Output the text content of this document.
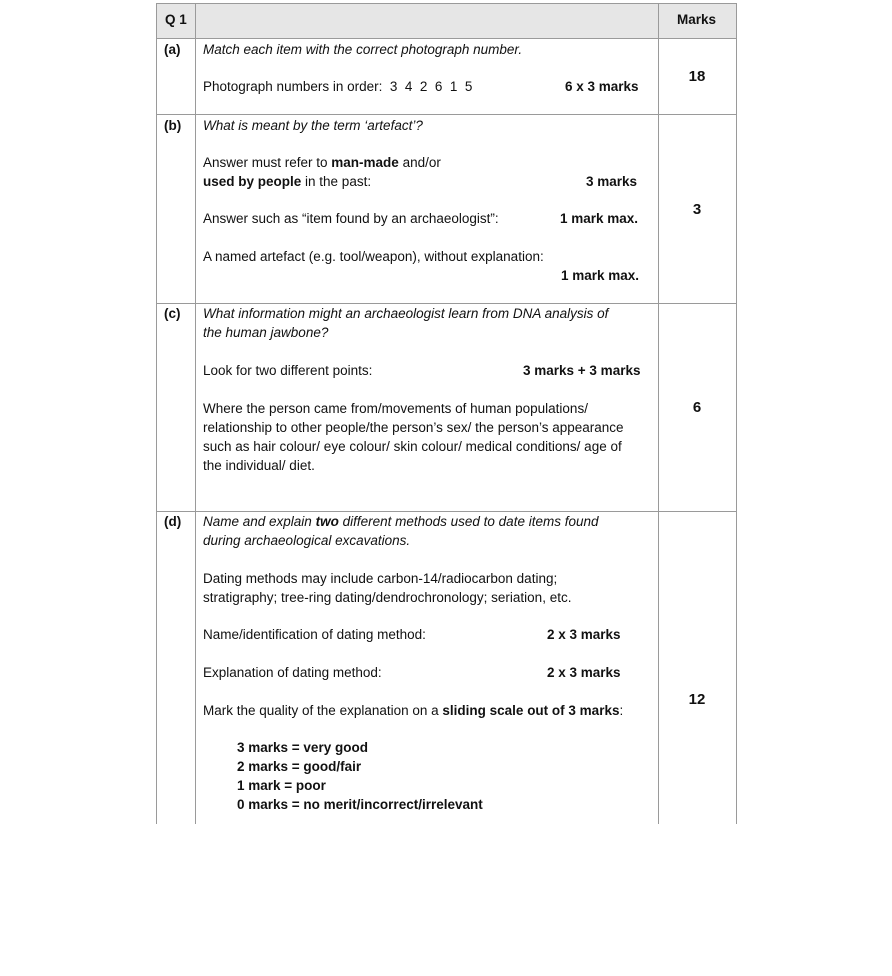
Q 1	Marks
(a) Match each item with the correct photograph number.
Photograph numbers in order: 3  4  2  6  1  5	6 x 3 marks
18
(b) What is meant by the term ‘artefact’?
Answer must refer to man-made and/or
used by people in the past:	3 marks
Answer such as “item found by an archaeologist”:	1 mark max.
A named artefact (e.g. tool/weapon), without explanation:
1 mark max.
3
(c) What information might an archaeologist learn from DNA analysis of
the human jawbone?
Look for two different points:	3 marks + 3 marks
Where the person came from/movements of human populations/
relationship to other people/the person’s sex/ the person’s appearance
such as hair colour/ eye colour/ skin colour/ medical conditions/ age of
the individual/ diet.
6
(d) Name and explain two different methods used to date items found
during archaeological excavations.
Dating methods may include carbon-14/radiocarbon dating;
stratigraphy; tree-ring dating/dendrochronology; seriation, etc.
Name/identification of dating method:	2 x 3 marks
Explanation of dating method:	2 x 3 marks
Mark the quality of the explanation on a sliding scale out of 3 marks:
3 marks = very good
2 marks = good/fair
1 mark = poor
0 marks = no merit/incorrect/irrelevant
12
